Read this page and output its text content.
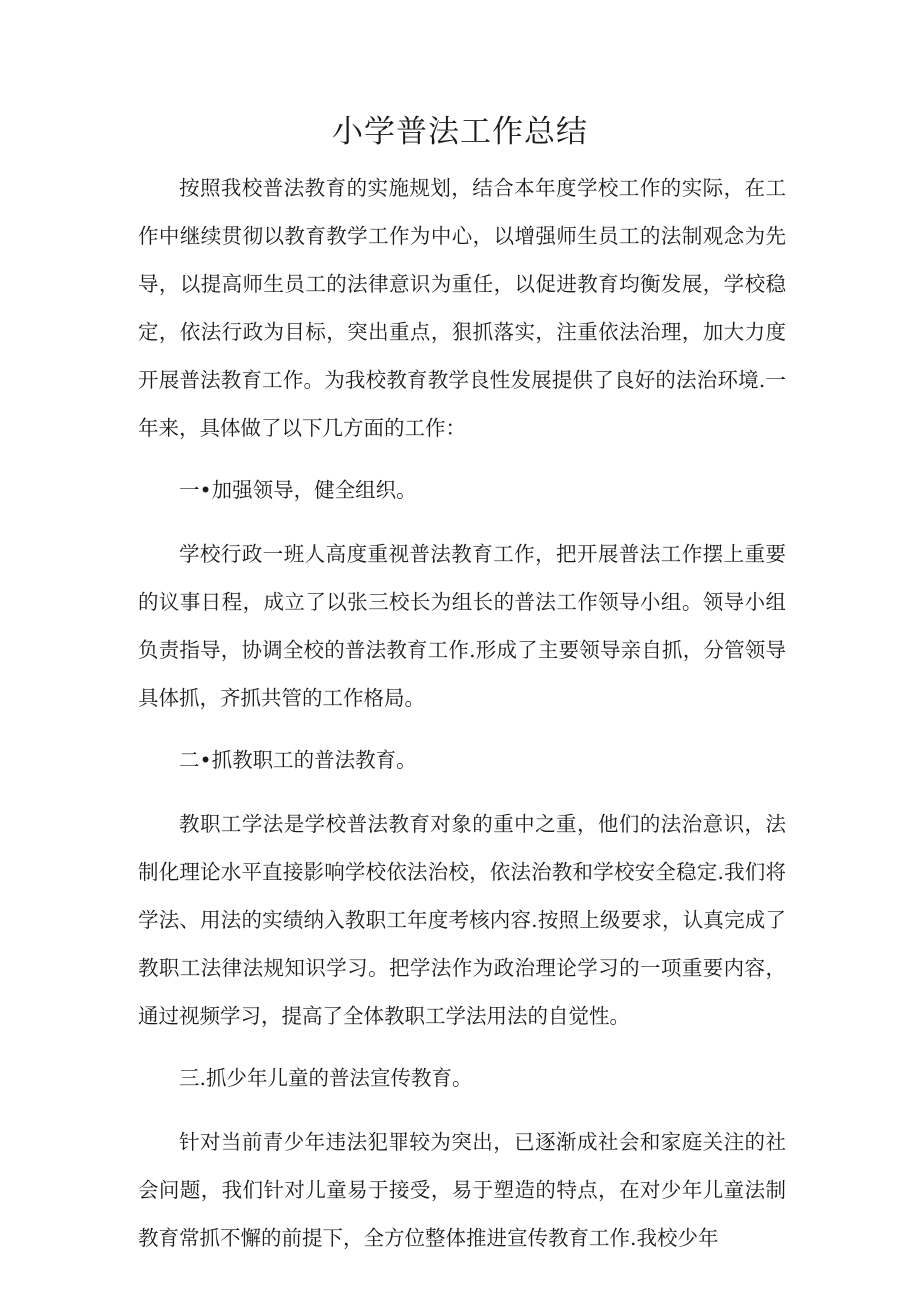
小学普法工作总结

按照我校普法教育的实施规划，结合本年度学校工作的实际，在工作中继续贯彻以教育教学工作为中心，以增强师生员工的法制观念为先导，以提高师生员工的法律意识为重任，以促进教育均衡发展，学校稳定，依法行政为目标，突出重点，狠抓落实，注重依法治理，加大力度开展普法教育工作。为我校教育教学良性发展提供了良好的法治环境.一年来，具体做了以下几方面的工作：

一•加强领导，健全组织。

学校行政一班人高度重视普法教育工作，把开展普法工作摆上重要的议事日程，成立了以张三校长为组长的普法工作领导小组。领导小组负责指导，协调全校的普法教育工作.形成了主要领导亲自抓，分管领导具体抓，齐抓共管的工作格局。

二•抓教职工的普法教育。

教职工学法是学校普法教育对象的重中之重，他们的法治意识，法制化理论水平直接影响学校依法治校，依法治教和学校安全稳定.我们将学法、用法的实绩纳入教职工年度考核内容.按照上级要求，认真完成了教职工法律法规知识学习。把学法作为政治理论学习的一项重要内容，通过视频学习，提高了全体教职工学法用法的自觉性。

三.抓少年儿童的普法宣传教育。

针对当前青少年违法犯罪较为突出，已逐渐成社会和家庭关注的社会问题，我们针对儿童易于接受，易于塑造的特点，在对少年儿童法制教育常抓不懈的前提下，全方位整体推进宣传教育工作.我校少年
